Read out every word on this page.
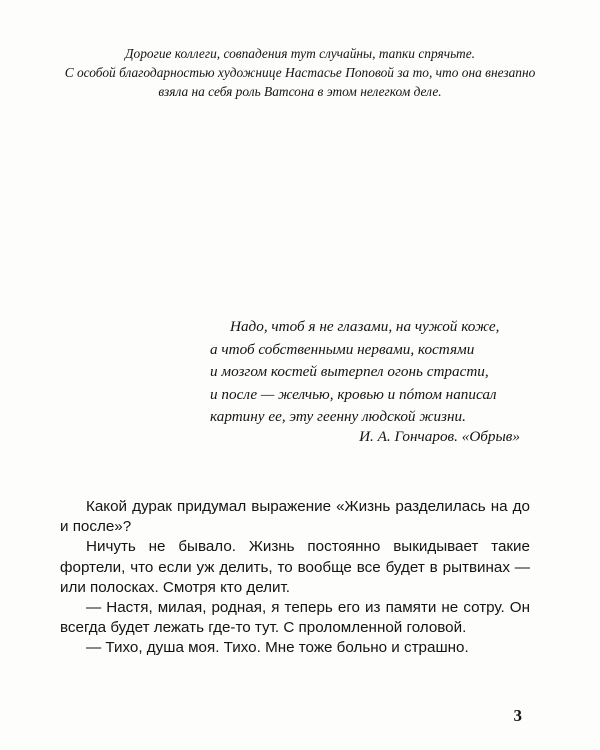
Дорогие коллеги, совпадения тут случайны, тапки спрячьте.
С особой благодарностью художнице Настасье Поповой за то, что она внезапно
взяла на себя роль Ватсона в этом нелегком деле.
Надо, чтоб я не глазами, на чужой коже,
а чтоб собственными нервами, костями
и мозгом костей вытерпел огонь страсти,
и после — желчью, кровью и пóтом написал
картину ее, эту геенну людской жизни.
И. А. Гончаров. «Обрыв»

Какой дурак придумал выражение «Жизнь разделилась на до и после»?

Ничуть не бывало. Жизнь постоянно выкидывает такие фортели, что если уж делить, то вообще все будет в рытвинах — или полосках. Смотря кто делит.

— Настя, милая, родная, я теперь его из памяти не сотру. Он всегда будет лежать где-то тут. С проломленной головой.

— Тихо, душа моя. Тихо. Мне тоже больно и страшно.

3
